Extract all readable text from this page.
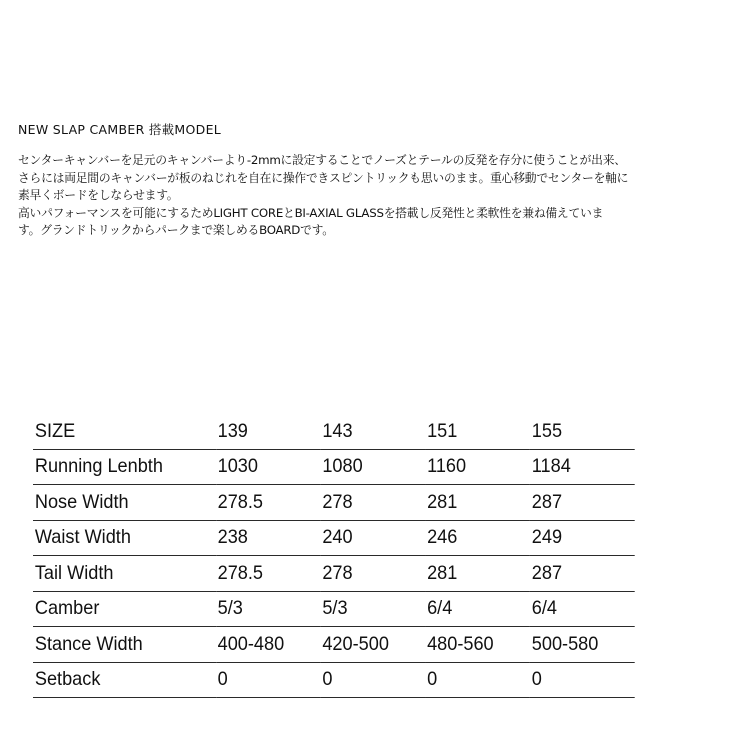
NEW SLAP CAMBER 搭載MODEL
センターキャンバーを足元のキャンバーより-2mmに設定することでノーズとテールの反発を存分に使うことが出来、
さらには両足間のキャンバーが板のねじれを自在に操作できスピントリックも思いのまま。重心移動でセンターを軸に
素早くボードをしならせます。
高いパフォーマンスを可能にするためLIGHT COREとBI-AXIAL GLASSを搭載し反発性と柔軟性を兼ね備えていま
す。グランドトリックからパークまで楽しめるBOARDです。
SIZE	139	143	151	155
Running Lenbth	1030	1080	1160	1184
Nose Width	278.5	278	281	287
Waist Width	238	240	246	249
Tail Width	278.5	278	281	287
Camber	5/3	5/3	6/4	6/4
Stance Width	400-480	420-500	480-560	500-580
Setback	0	0	0	0
